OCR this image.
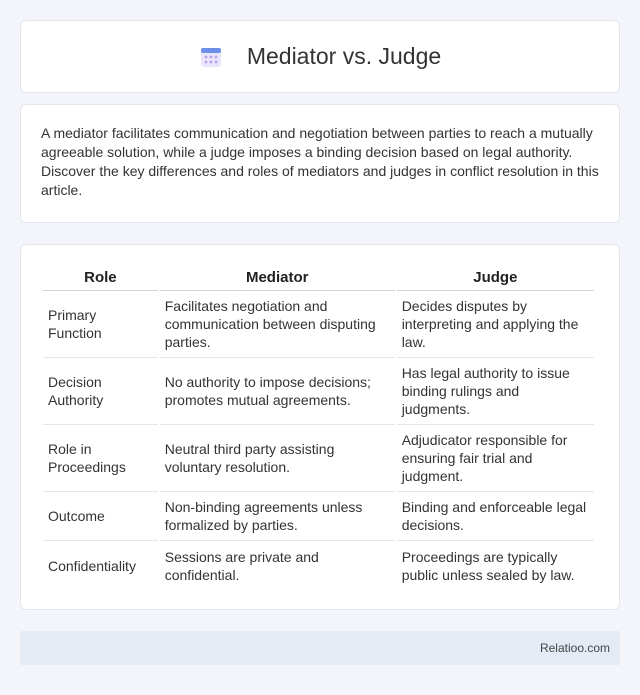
Mediator vs. Judge

A mediator facilitates communication and negotiation between parties to reach a mutually agreeable solution, while a judge imposes a binding decision based on legal authority. Discover the key differences and roles of mediators and judges in conflict resolution in this article.

Role	Mediator	Judge
Primary Function	Facilitates negotiation and communication between disputing parties.	Decides disputes by interpreting and applying the law.
Decision Authority	No authority to impose decisions; promotes mutual agreements.	Has legal authority to issue binding rulings and judgments.
Role in Proceedings	Neutral third party assisting voluntary resolution.	Adjudicator responsible for ensuring fair trial and judgment.
Outcome	Non-binding agreements unless formalized by parties.	Binding and enforceable legal decisions.
Confidentiality	Sessions are private and confidential.	Proceedings are typically public unless sealed by law.
Relatioo.com
